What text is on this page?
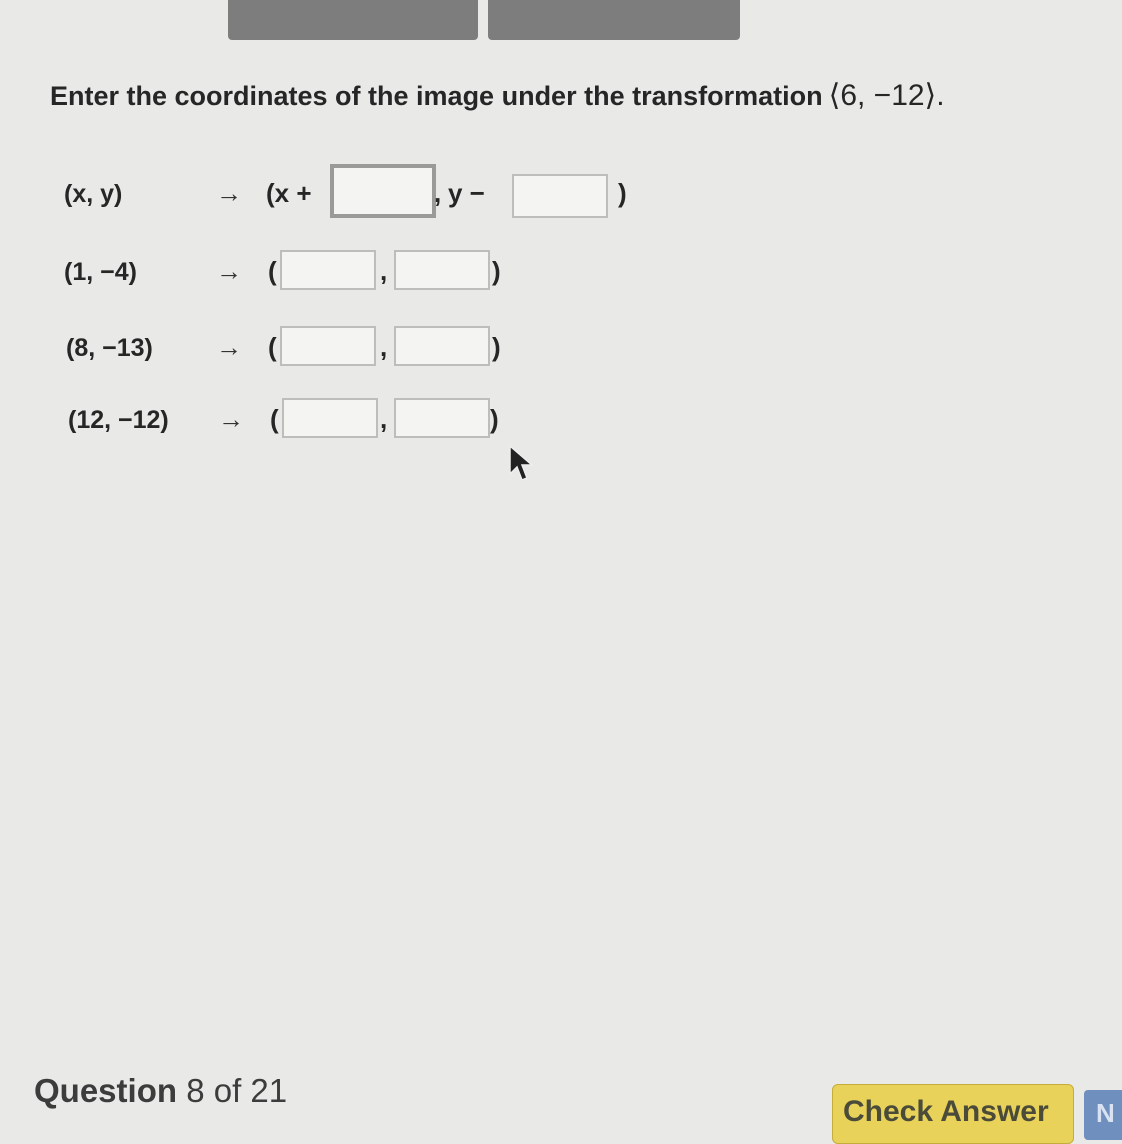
Enter the coordinates of the image under the transformation ⟨6, −12⟩.
(x, y)	→ (x +	, y −	)
(1, −4)	→ (	,	)
(8, −13) → (	,	)
(12, −12) → (	,	)
Question 8 of 21
Check Answer	N
